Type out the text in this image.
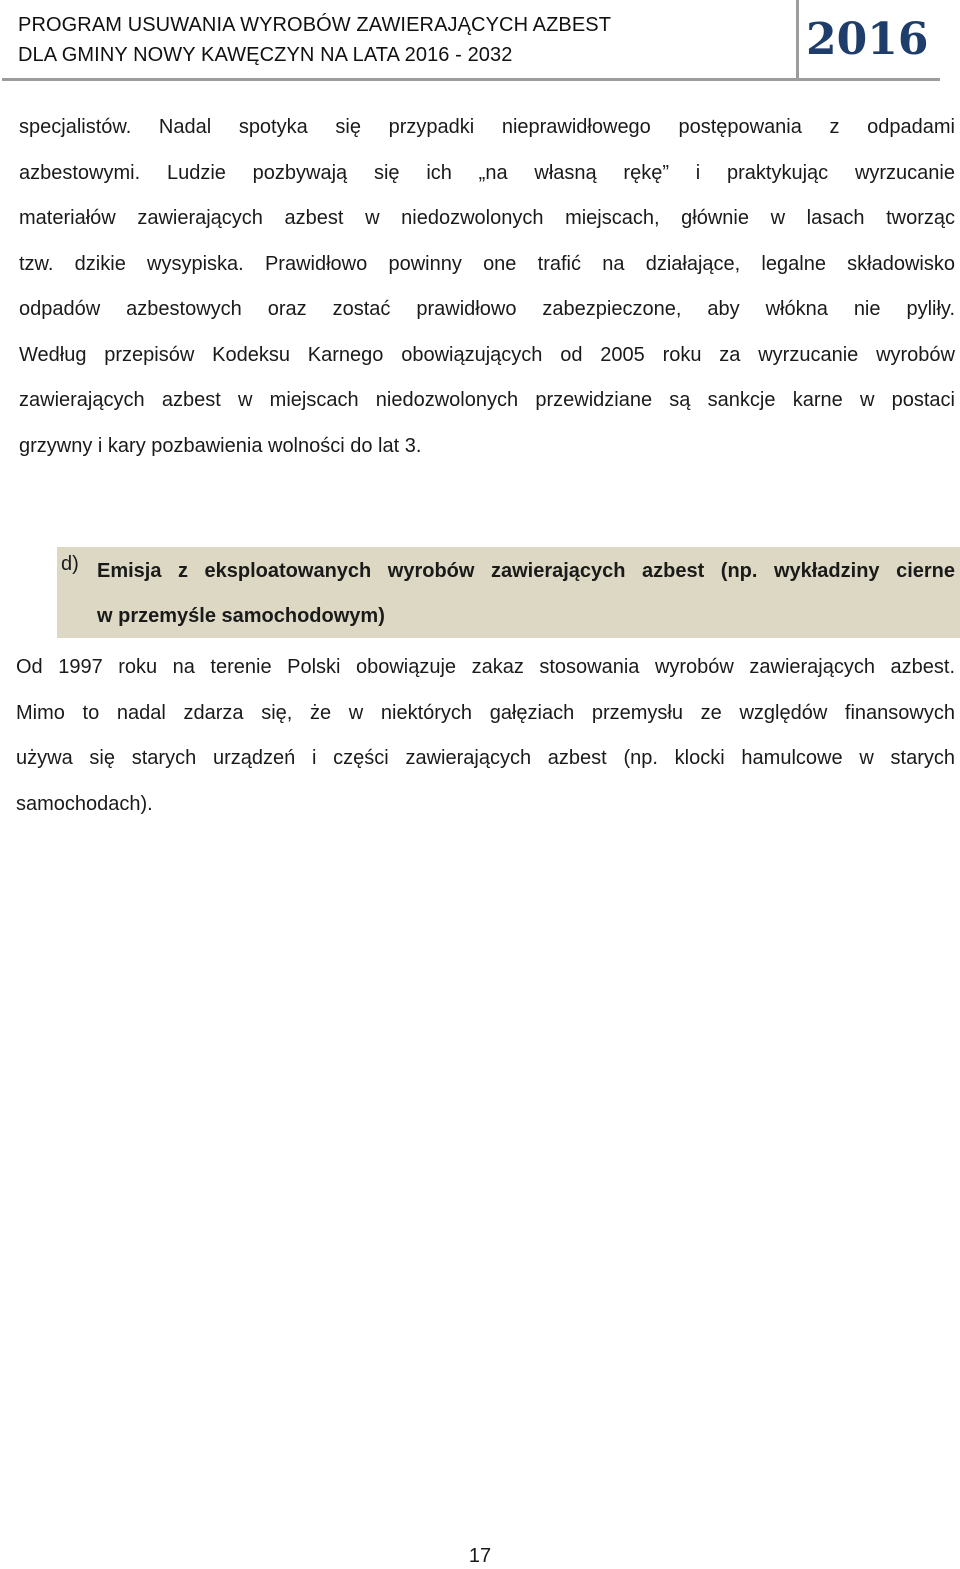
PROGRAM USUWANIA WYROBÓW ZAWIERAJĄCYCH AZBEST
DLA GMINY NOWY KAWĘCZYN NA LATA 2016 - 2032	2016
specjalistów. Nadal spotyka się przypadki nieprawidłowego postępowania z odpadami
azbestowymi. Ludzie pozbywają się ich „na własną rękę” i praktykując wyrzucanie
materiałów zawierających azbest w niedozwolonych miejscach, głównie w lasach tworząc
tzw. dzikie wysypiska. Prawidłowo powinny one trafić na działające, legalne składowisko
odpadów azbestowych oraz zostać prawidłowo zabezpieczone, aby włókna nie pyliły.
Według przepisów Kodeksu Karnego obowiązujących od 2005 roku za wyrzucanie wyrobów
zawierających azbest w miejscach niedozwolonych przewidziane są sankcje karne w postaci
grzywny i kary pozbawienia wolności do lat 3.
d) Emisja z eksploatowanych wyrobów zawierających azbest (np. wykładziny cierne
w przemyśle samochodowym)
Od 1997 roku na terenie Polski obowiązuje zakaz stosowania wyrobów zawierających azbest.
Mimo to nadal zdarza się, że w niektórych gałęziach przemysłu ze względów finansowych
używa się starych urządzeń i części zawierających azbest (np. klocki hamulcowe w starych
samochodach).
17
